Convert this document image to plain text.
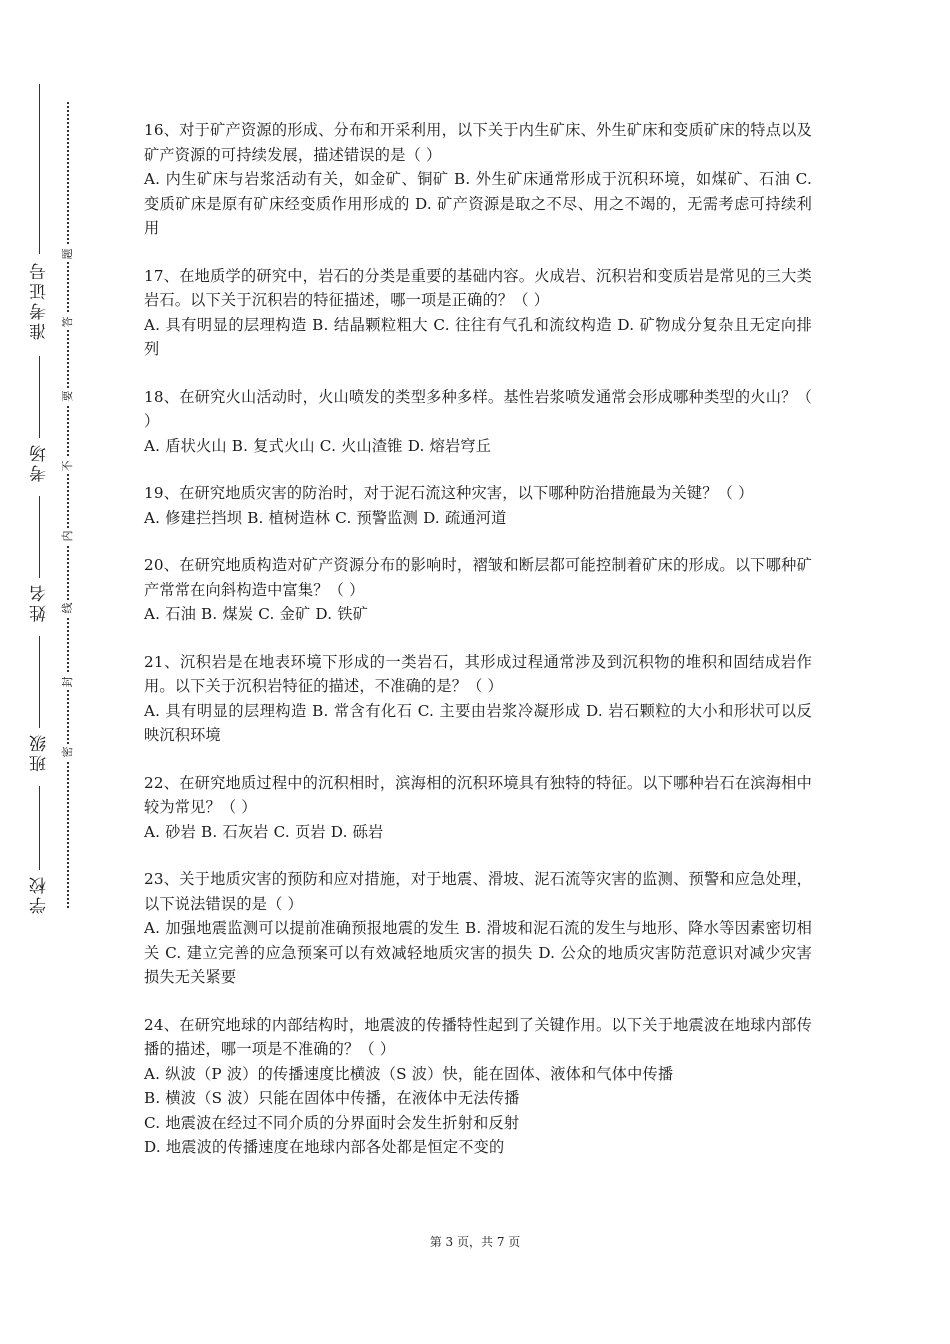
准考证号
考场
姓名
班级
学校
题
答
要
不
内
线
封
密

16、对于矿产资源的形成、分布和开采利用，以下关于内生矿床、外生矿床和变质矿床的特点以及矿产资源的可持续发展，描述错误的是（ ）

A. 内生矿床与岩浆活动有关，如金矿、铜矿 B. 外生矿床通常形成于沉积环境，如煤矿、石油 C. 变质矿床是原有矿床经变质作用形成的 D. 矿产资源是取之不尽、用之不竭的，无需考虑可持续利用

17、在地质学的研究中，岩石的分类是重要的基础内容。火成岩、沉积岩和变质岩是常见的三大类岩石。以下关于沉积岩的特征描述，哪一项是正确的？（ ）

A. 具有明显的层理构造 B. 结晶颗粒粗大 C. 往往有气孔和流纹构造 D. 矿物成分复杂且无定向排列

18、在研究火山活动时，火山喷发的类型多种多样。基性岩浆喷发通常会形成哪种类型的火山？（ ）

A. 盾状火山 B. 复式火山 C. 火山渣锥 D. 熔岩穹丘

19、在研究地质灾害的防治时，对于泥石流这种灾害，以下哪种防治措施最为关键？（ ）

A. 修建拦挡坝 B. 植树造林 C. 预警监测 D. 疏通河道

20、在研究地质构造对矿产资源分布的影响时，褶皱和断层都可能控制着矿床的形成。以下哪种矿产常常在向斜构造中富集？（ ）

A. 石油 B. 煤炭 C. 金矿 D. 铁矿

21、沉积岩是在地表环境下形成的一类岩石，其形成过程通常涉及到沉积物的堆积和固结成岩作用。以下关于沉积岩特征的描述，不准确的是？（ ）

A. 具有明显的层理构造 B. 常含有化石 C. 主要由岩浆冷凝形成 D. 岩石颗粒的大小和形状可以反映沉积环境

22、在研究地质过程中的沉积相时，滨海相的沉积环境具有独特的特征。以下哪种岩石在滨海相中较为常见？（ ）

A. 砂岩 B. 石灰岩 C. 页岩 D. 砾岩

23、关于地质灾害的预防和应对措施，对于地震、滑坡、泥石流等灾害的监测、预警和应急处理，以下说法错误的是（ ）

A. 加强地震监测可以提前准确预报地震的发生 B. 滑坡和泥石流的发生与地形、降水等因素密切相关 C. 建立完善的应急预案可以有效减轻地质灾害的损失 D. 公众的地质灾害防范意识对减少灾害损失无关紧要

24、在研究地球的内部结构时，地震波的传播特性起到了关键作用。以下关于地震波在地球内部传播的描述，哪一项是不准确的？（ ）

A. 纵波（P 波）的传播速度比横波（S 波）快，能在固体、液体和气体中传播

B. 横波（S 波）只能在固体中传播，在液体中无法传播

C. 地震波在经过不同介质的分界面时会发生折射和反射

D. 地震波的传播速度在地球内部各处都是恒定不变的

第 3 页，共 7 页
